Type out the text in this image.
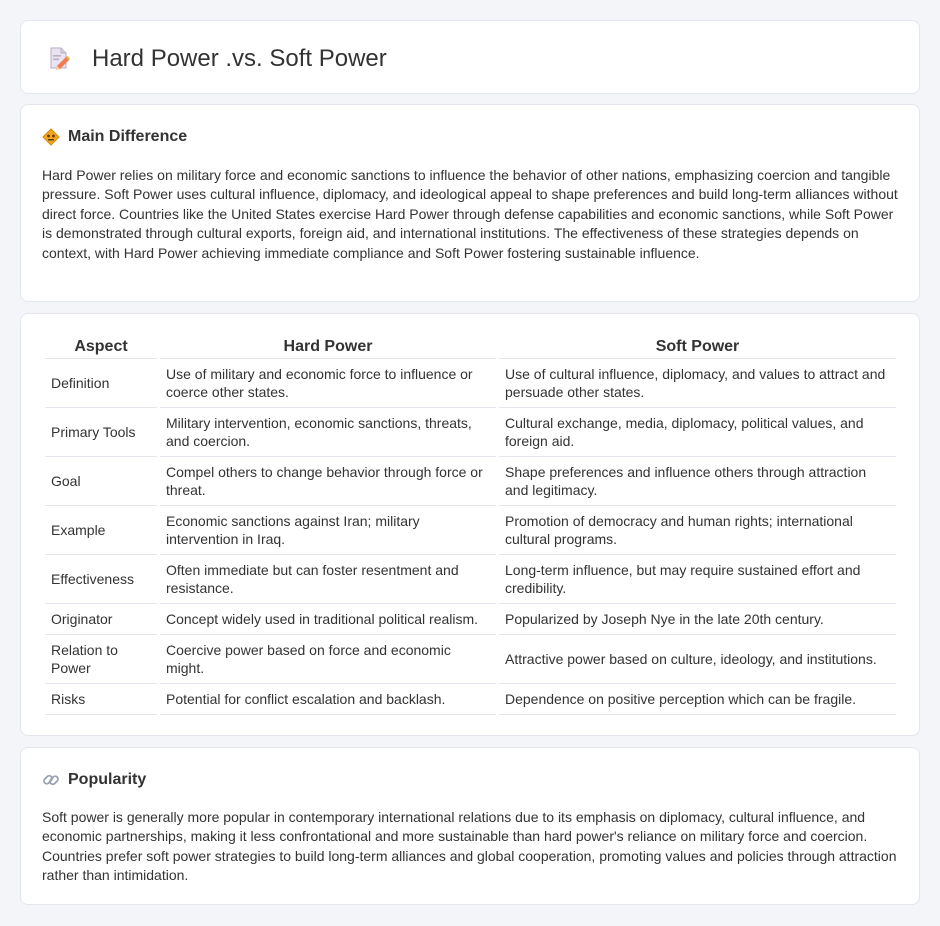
Hard Power .vs. Soft Power
Main Difference

Hard Power relies on military force and economic sanctions to influence the behavior of other nations, emphasizing coercion and tangible pressure. Soft Power uses cultural influence, diplomacy, and ideological appeal to shape preferences and build long-term alliances without direct force. Countries like the United States exercise Hard Power through defense capabilities and economic sanctions, while Soft Power is demonstrated through cultural exports, foreign aid, and international institutions. The effectiveness of these strategies depends on context, with Hard Power achieving immediate compliance and Soft Power fostering sustainable influence.

Aspect	Hard Power	Soft Power
Definition	Use of military and economic force to influence or coerce other states.	Use of cultural influence, diplomacy, and values to attract and persuade other states.
Primary Tools	Military intervention, economic sanctions, threats, and coercion.	Cultural exchange, media, diplomacy, political values, and foreign aid.
Goal	Compel others to change behavior through force or threat.	Shape preferences and influence others through attraction and legitimacy.
Example	Economic sanctions against Iran; military intervention in Iraq.	Promotion of democracy and human rights; international cultural programs.
Effectiveness	Often immediate but can foster resentment and resistance.	Long-term influence, but may require sustained effort and credibility.
Originator	Concept widely used in traditional political realism.	Popularized by Joseph Nye in the late 20th century.
Relation to Power	Coercive power based on force and economic might.	Attractive power based on culture, ideology, and institutions.
Risks	Potential for conflict escalation and backlash.	Dependence on positive perception which can be fragile.
Popularity

Soft power is generally more popular in contemporary international relations due to its emphasis on diplomacy, cultural influence, and economic partnerships, making it less confrontational and more sustainable than hard power's reliance on military force and coercion. Countries prefer soft power strategies to build long-term alliances and global cooperation, promoting values and policies through attraction rather than intimidation.
